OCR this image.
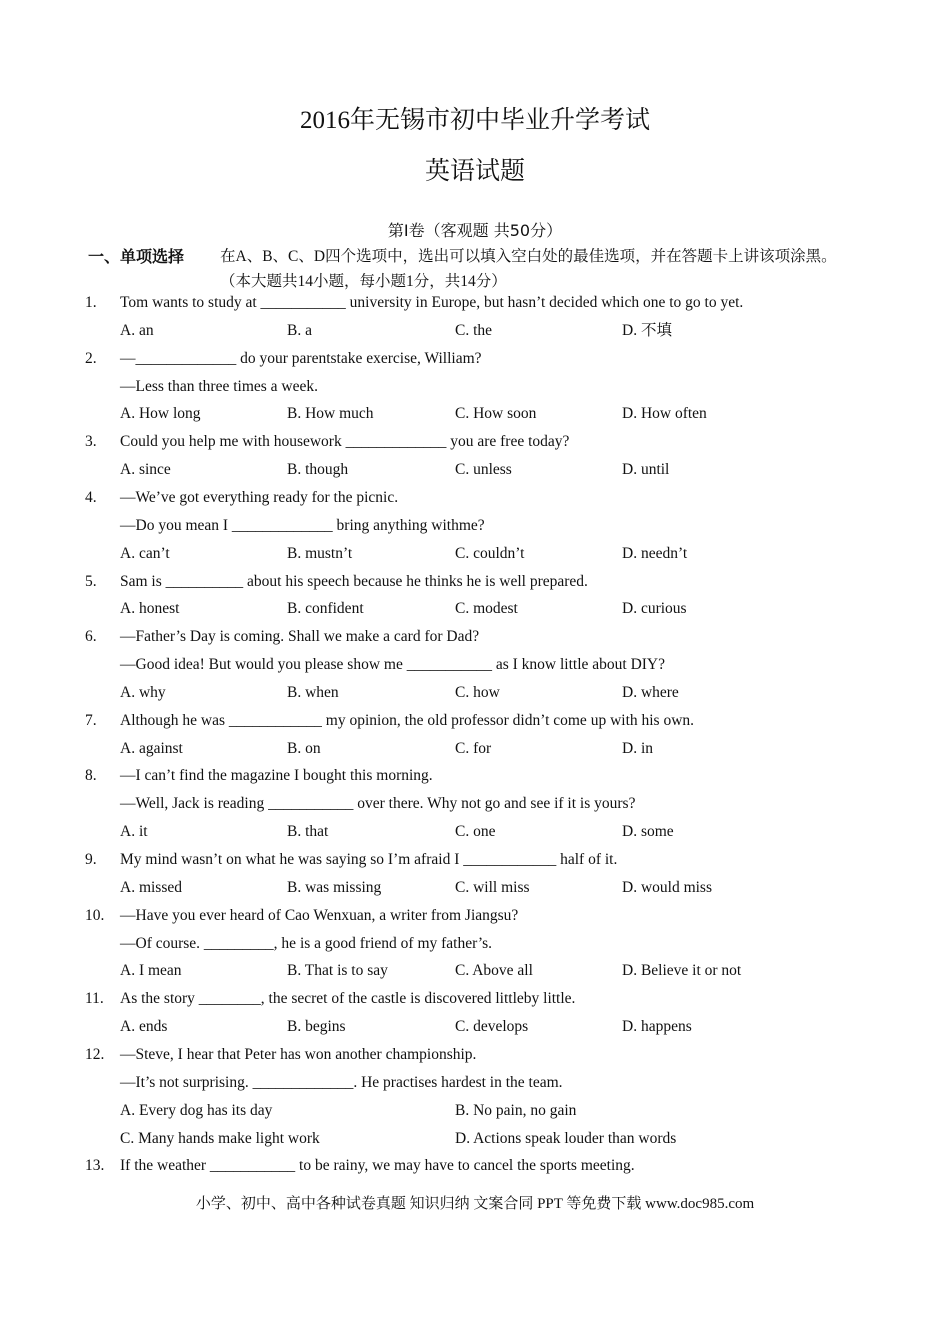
2016年无锡市初中毕业升学考试
英语试题
第Ⅰ卷（客观题 共50分）
一、单项选择 在A、B、C、D四个选项中，选出可以填入空白处的最佳选项，并在答题卡上讲该项涂黑。
（本大题共14小题，每小题1分，共14分）
1.	Tom wants to study at ___________ university in Europe, but hasn’t decided which one to go to yet.
A. an	B. a	C. the	D. 不填
2.	—_____________ do your parentstake exercise, William?
—Less than three times a week.
A. How long	B. How much	C. How soon	D. How often
3.	Could you help me with housework _____________ you are free today?
A. since	B. though	C. unless	D. until
4.	—We’ve got everything ready for the picnic.
—Do you mean I _____________ bring anything withme?
A. can’t	B. mustn’t	C. couldn’t	D. needn’t
5.	Sam is __________ about his speech because he thinks he is well prepared.
A. honest	B. confident	C. modest	D. curious
6.	—Father’s Day is coming. Shall we make a card for Dad?
—Good idea! But would you please show me ___________ as I know little about DIY?
A. why	B. when	C. how	D. where
7.	Although he was ____________ my opinion, the old professor didn’t come up with his own.
A. against	B. on	C. for	D. in
8.	—I can’t find the magazine I bought this morning.
—Well, Jack is reading ___________ over there. Why not go and see if it is yours?
A. it	B. that	C. one	D. some
9.	My mind wasn’t on what he was saying so I’m afraid I ____________ half of it.
A. missed	B. was missing	C. will miss	D. would miss
10.	—Have you ever heard of Cao Wenxuan, a writer from Jiangsu?
—Of course. _________, he is a good friend of my father’s.
A. I mean	B. That is to say	C. Above all	D. Believe it or not
11.	As the story ________, the secret of the castle is discovered littleby little.
A. ends	B. begins	C. develops	D. happens
12.	—Steve, I hear that Peter has won another championship.
—It’s not surprising. _____________. He practises hardest in the team.
A. Every dog has its day	B. No pain, no gain
C. Many hands make light work	D. Actions speak louder than words
13.	If the weather ___________ to be rainy, we may have to cancel the sports meeting.
小学、初中、高中各种试卷真题 知识归纳 文案合同 PPT 等免费下载 www.doc985.com
